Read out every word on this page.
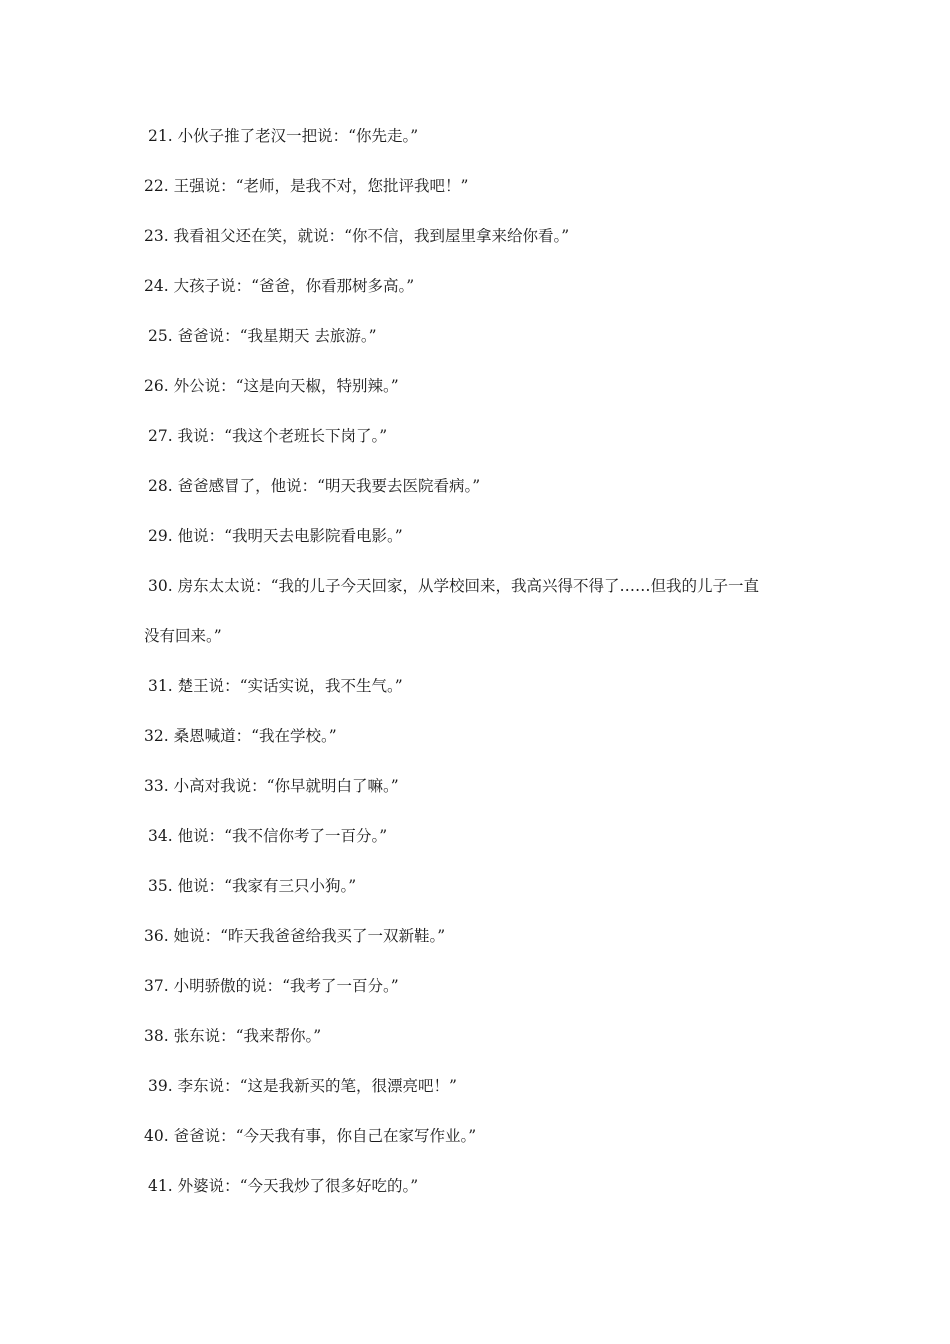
21. 小伙子推了老汉一把说：“你先走。”
22. 王强说：“老师，是我不对，您批评我吧！”
23. 我看祖父还在笑，就说：“你不信，我到屋里拿来给你看。”
24. 大孩子说：“爸爸，你看那树多高。”
25. 爸爸说：“我星期天 去旅游。”
26. 外公说：“这是向天椒，特别辣。”
27. 我说：“我这个老班长下岗了。”
28. 爸爸感冒了，他说：“明天我要去医院看病。”
29. 他说：“我明天去电影院看电影。”
30. 房东太太说：“我的儿子今天回家，从学校回来，我高兴得不得了……但我的儿子一直
没有回来。”
31. 楚王说：“实话实说，我不生气。”
32. 桑恩喊道：“我在学校。”
33. 小高对我说：“你早就明白了嘛。”
34. 他说：“我不信你考了一百分。”
35. 他说：“我家有三只小狗。”
36. 她说：“昨天我爸爸给我买了一双新鞋。”
37. 小明骄傲的说：“我考了一百分。”
38. 张东说：“我来帮你。”
39. 李东说：“这是我新买的笔，很漂亮吧！”
40. 爸爸说：“今天我有事，你自己在家写作业。”
41. 外婆说：“今天我炒了很多好吃的。”
